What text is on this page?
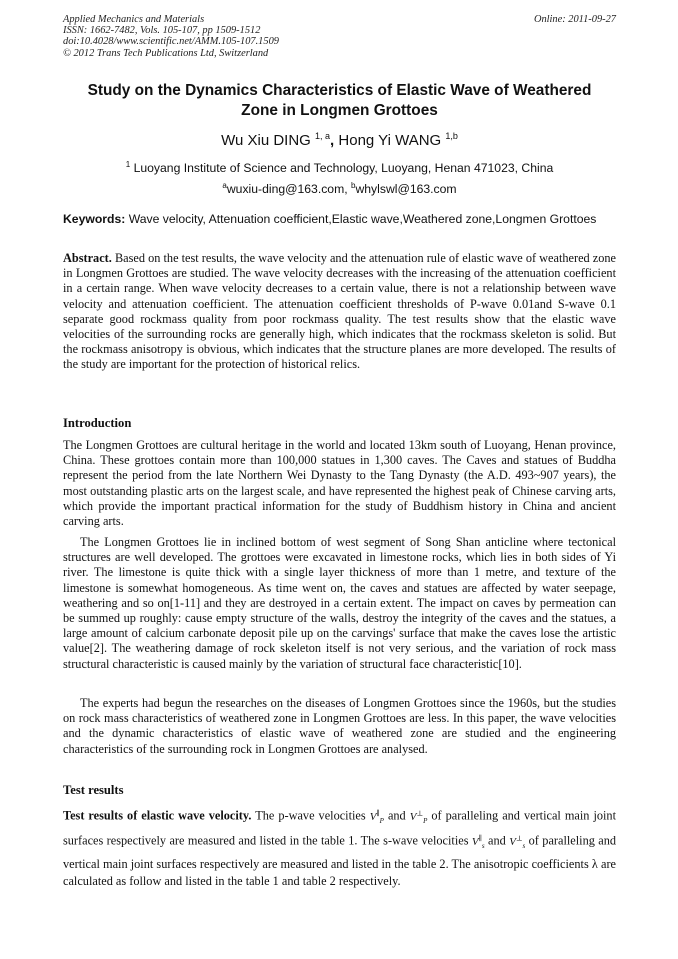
Applied Mechanics and Materials
ISSN: 1662-7482, Vols. 105-107, pp 1509-1512
doi:10.4028/www.scientific.net/AMM.105-107.1509
© 2012 Trans Tech Publications Ltd, Switzerland
Online: 2011-09-27
Study on the Dynamics Characteristics of Elastic Wave of Weathered
Zone in Longmen Grottoes
Wu Xiu DING $^{1, a}$, Hong Yi WANG $^{1,b}$
$^1$ Luoyang Institute of Science and Technology, Luoyang, Henan 471023, China
$^a$wuxiu-ding@163.com, $^b$whylswl@163.com
Keywords: Wave velocity, Attenuation coefficient,Elastic wave,Weathered zone,Longmen Grottoes
Abstract. Based on the test results, the wave velocity and the attenuation rule of elastic wave of weathered zone in Longmen Grottoes are studied. The wave velocity decreases with the increasing of the attenuation coefficient in a certain range. When wave velocity decreases to a certain value, there is not a relationship between wave velocity and attenuation coefficient. The attenuation coefficient thresholds of P-wave 0.01and S-wave 0.1 separate good rockmass quality from poor rockmass quality. The test results show that the elastic wave velocities of the surrounding rocks are generally high, which indicates that the rockmass skeleton is solid. But the rockmass anisotropy is obvious, which indicates that the structure planes are more developed. The results of the study are important for the protection of historical relics.
Introduction
The Longmen Grottoes are cultural heritage in the world and located 13km south of Luoyang, Henan province, China. These grottoes contain more than 100,000 statues in 1,300 caves. The Caves and statues of Buddha represent the period from the late Northern Wei Dynasty to the Tang Dynasty (the A.D. 493~907 years), the most outstanding plastic arts on the largest scale, and have represented the highest peak of Chinese carving arts, which provide the important practical information for the study of Buddhism history in China and ancient carving arts.
The Longmen Grottoes lie in inclined bottom of west segment of Song Shan anticline where tectonical structures are well developed. The grottoes were excavated in limestone rocks, which lies in both sides of Yi river. The limestone is quite thick with a single layer thickness of more than 1 metre, and texture of the limestone is somewhat homogeneous. As time went on, the caves and statues are affected by water seepage, weathering and so on[1-11] and they are destroyed in a certain extent. The impact on caves by permeation can be summed up roughly: cause empty structure of the walls, destroy the integrity of the caves and the statues, a large amount of calcium carbonate deposit pile up on the carvings' surface that make the caves lose the artistic value[2]. The weathering damage of rock skeleton itself is not very serious, and the variation of rock mass structural characteristic is caused mainly by the variation of structural face characteristic[10].
The experts had begun the researches on the diseases of Longmen Grottoes since the 1960s, but the studies on rock mass characteristics of weathered zone in Longmen Grottoes are less. In this paper, the wave velocities and the dynamic characteristics of elastic wave of weathered zone are studied and the engineering characteristics of the surrounding rock in Longmen Grottoes are analysed.
Test results
Test results of elastic wave velocity. The p-wave velocities $V^\parallel_P$ and $V^\perp_P$ of paralleling and vertical main joint surfaces respectively are measured and listed in the table 1. The s-wave velocities $V^\parallel_s$ and $V^\perp_s$ of paralleling and vertical main joint surfaces respectively are measured and listed in the table 2. The anisotropic coefficients λ are calculated as follow and listed in the table 1 and table 2 respectively.
